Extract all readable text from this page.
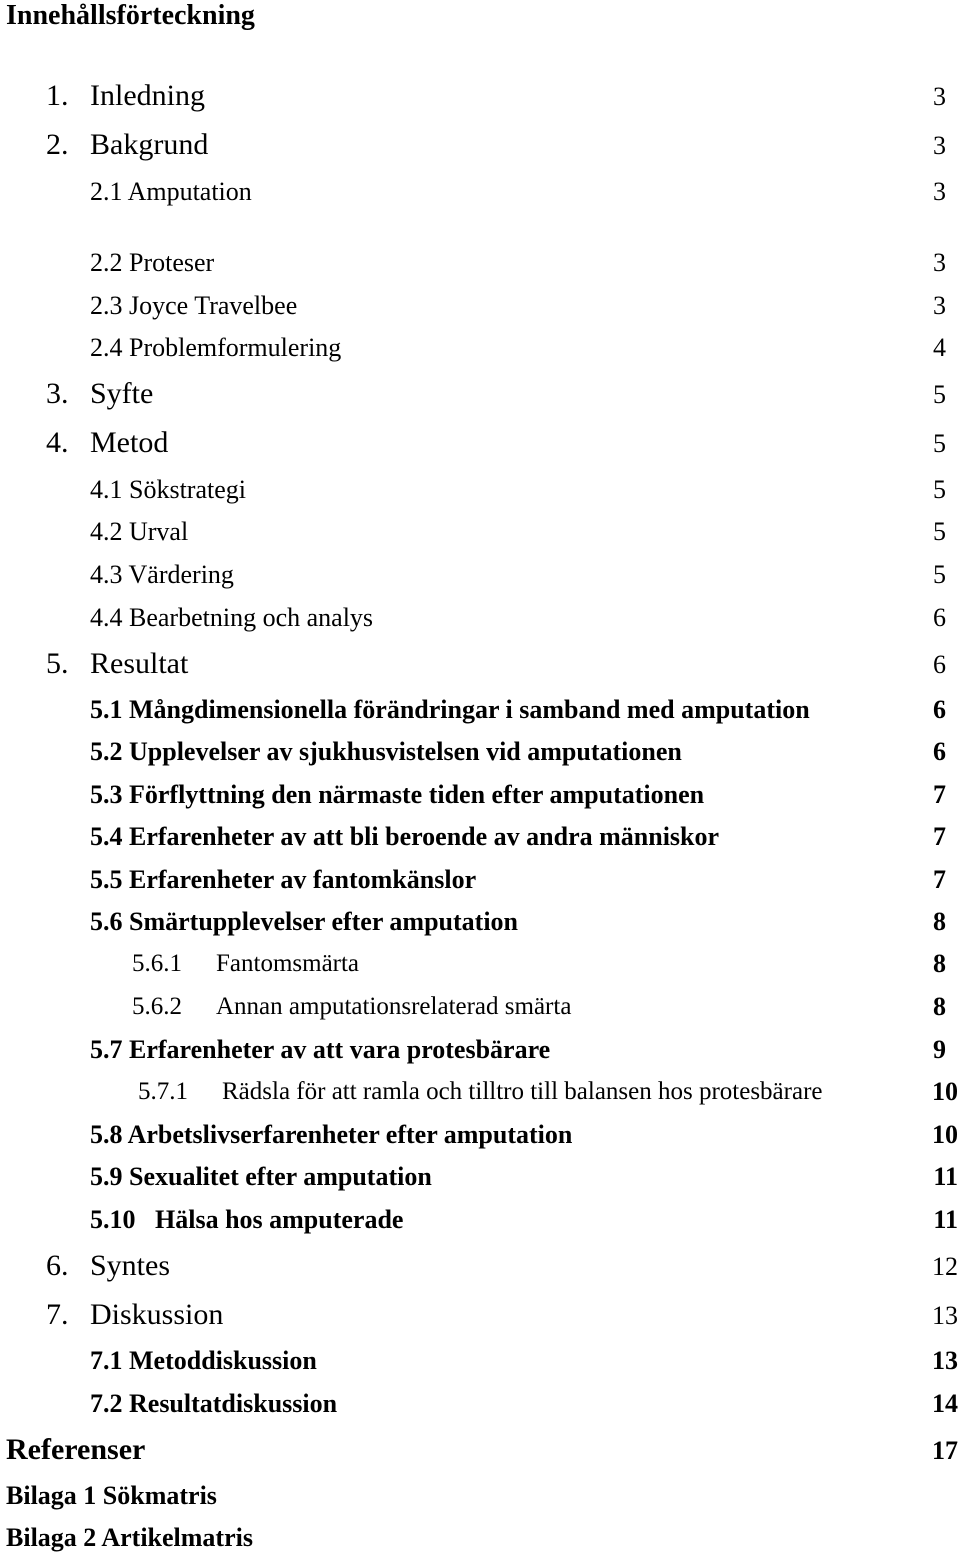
Innehållsförteckning
1. Inledning	3
2. Bakgrund	3
2.1 Amputation	3
2.2 Proteser	3
2.3 Joyce Travelbee	3
2.4 Problemformulering	4
3. Syfte	5
4. Metod	5
4.1 Sökstrategi	5
4.2 Urval	5
4.3 Värdering	5
4.4 Bearbetning och analys	6
5. Resultat	6
5.1 Mångdimensionella förändringar i samband med amputation	6
5.2 Upplevelser av sjukhusvistelsen vid amputationen	6
5.3 Förflyttning den närmaste tiden efter amputationen	7
5.4 Erfarenheter av att bli beroende av andra människor	7
5.5 Erfarenheter av fantomkänslor	7
5.6 Smärtupplevelser efter amputation	8
5.6.1 Fantomsmärta	8
5.6.2 Annan amputationsrelaterad smärta	8
5.7 Erfarenheter av att vara protesbärare	9
5.7.1 Rädsla för att ramla och tilltro till balansen hos protesbärare	10
5.8 Arbetslivserfarenheter efter amputation	10
5.9 Sexualitet efter amputation	11
5.10   Hälsa hos amputerade	11
6. Syntes	12
7. Diskussion	13
7.1 Metoddiskussion	13
7.2 Resultatdiskussion	14
Referenser	17
Bilaga 1 Sökmatris
Bilaga 2 Artikelmatris
